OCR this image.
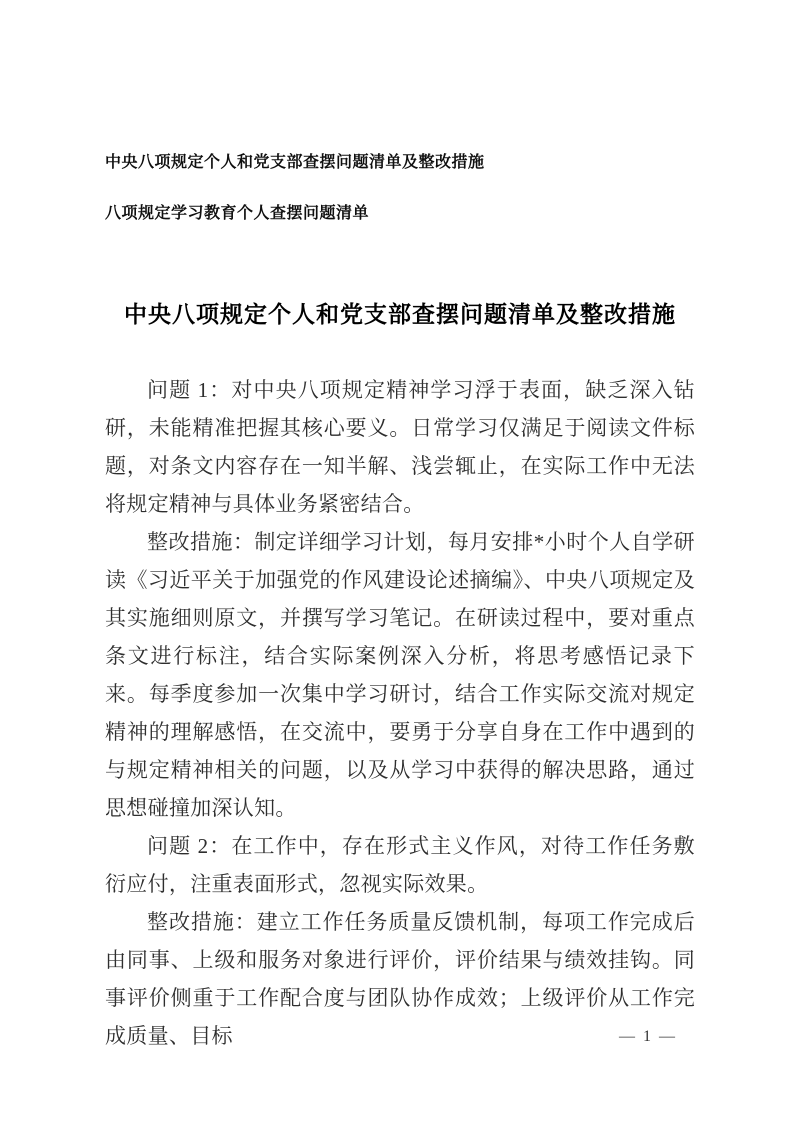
中央八项规定个人和党支部查摆问题清单及整改措施

八项规定学习教育个人查摆问题清单

中央八项规定个人和党支部查摆问题清单及整改措施

问题 1：对中央八项规定精神学习浮于表面，缺乏深入钻研，未能精准把握其核心要义。日常学习仅满足于阅读文件标题，对条文内容存在一知半解、浅尝辄止，在实际工作中无法将规定精神与具体业务紧密结合。

整改措施：制定详细学习计划，每月安排*小时个人自学研读《习近平关于加强党的作风建设论述摘编》、中央八项规定及其实施细则原文，并撰写学习笔记。在研读过程中，要对重点条文进行标注，结合实际案例深入分析，将思考感悟记录下来。每季度参加一次集中学习研讨，结合工作实际交流对规定精神的理解感悟，在交流中，要勇于分享自身在工作中遇到的与规定精神相关的问题，以及从学习中获得的解决思路，通过思想碰撞加深认知。

问题 2：在工作中，存在形式主义作风，对待工作任务敷衍应付，注重表面形式，忽视实际效果。

整改措施：建立工作任务质量反馈机制，每项工作完成后由同事、上级和服务对象进行评价，评价结果与绩效挂钩。同事评价侧重于工作配合度与团队协作成效；上级评价从工作完成质量、目标	— 1 —
